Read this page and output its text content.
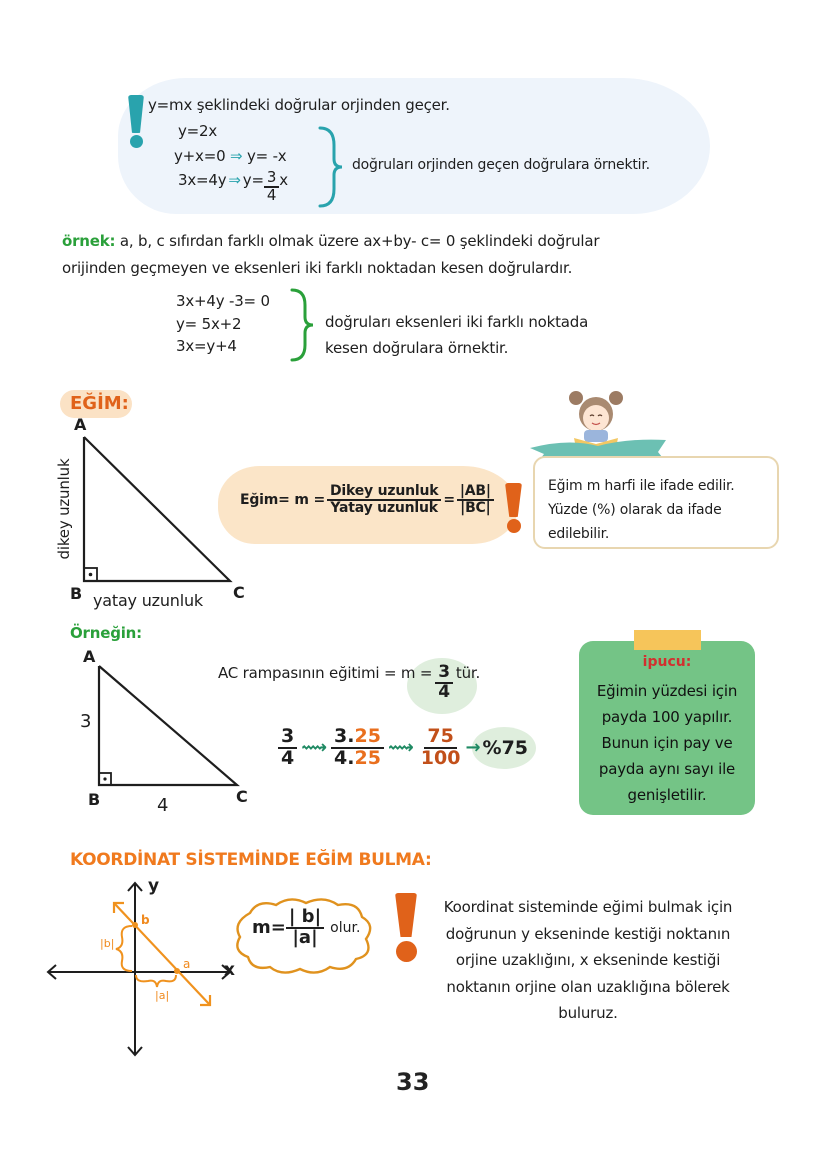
y=mx şeklindeki doğrular orjinden geçer.
y=2x
y+x=0 ⇒ y= -x
3x=4y ⇒ $y= \frac{3}{4}$ x
doğruları orjinden geçen doğrulara örnektir.
örnek: a, b, c sıfırdan farklı olmak üzere ax+by- c= 0 şeklindeki doğrular
orijinden geçmeyen ve eksenleri iki farklı noktadan kesen doğrulardır.
3x+4y -3= 0
y= 5x+2
3x=y+4
doğruları eksenleri iki farklı noktada
kesen doğrulara örnektir.
EĞİM:
A
B	C
dikey uzunluk
yatay uzunluk
Eğim= $m = \frac{\text{Dikey uzunluk}}{\text{Yatay uzunluk}} = \frac{|AB|}{|BC|}$	Eğim m harfi ile ifade edilir.
Yüzde (%) olarak da ifade
edilebilir.
Örneğin:
A
B	C
3
4
AC rampasının eğitimi = $m = \frac{3}{4}$ tür.
$\frac{3}{4}$ ⟿ $\frac{3.25}{4.25}$ ⟿ $\frac{75}{100} \to \%75$
ipucu:
Eğimin yüzdesi için
payda 100 yapılır.
Bunun için pay ve
payda aynı sayı ile
genişletilir.
KOORDİNAT SİSTEMİNDE EĞİM BULMA:
y
x
b
a
|b|
|a|
$m= \frac{| b|}{|a|}$ olur.
Koordinat sisteminde eğimi bulmak için
doğrunun y ekseninde kestiği noktanın
orjine uzaklığını, x ekseninde kestiği
noktanın orjine olan uzaklığına bölerek
buluruz.
33
